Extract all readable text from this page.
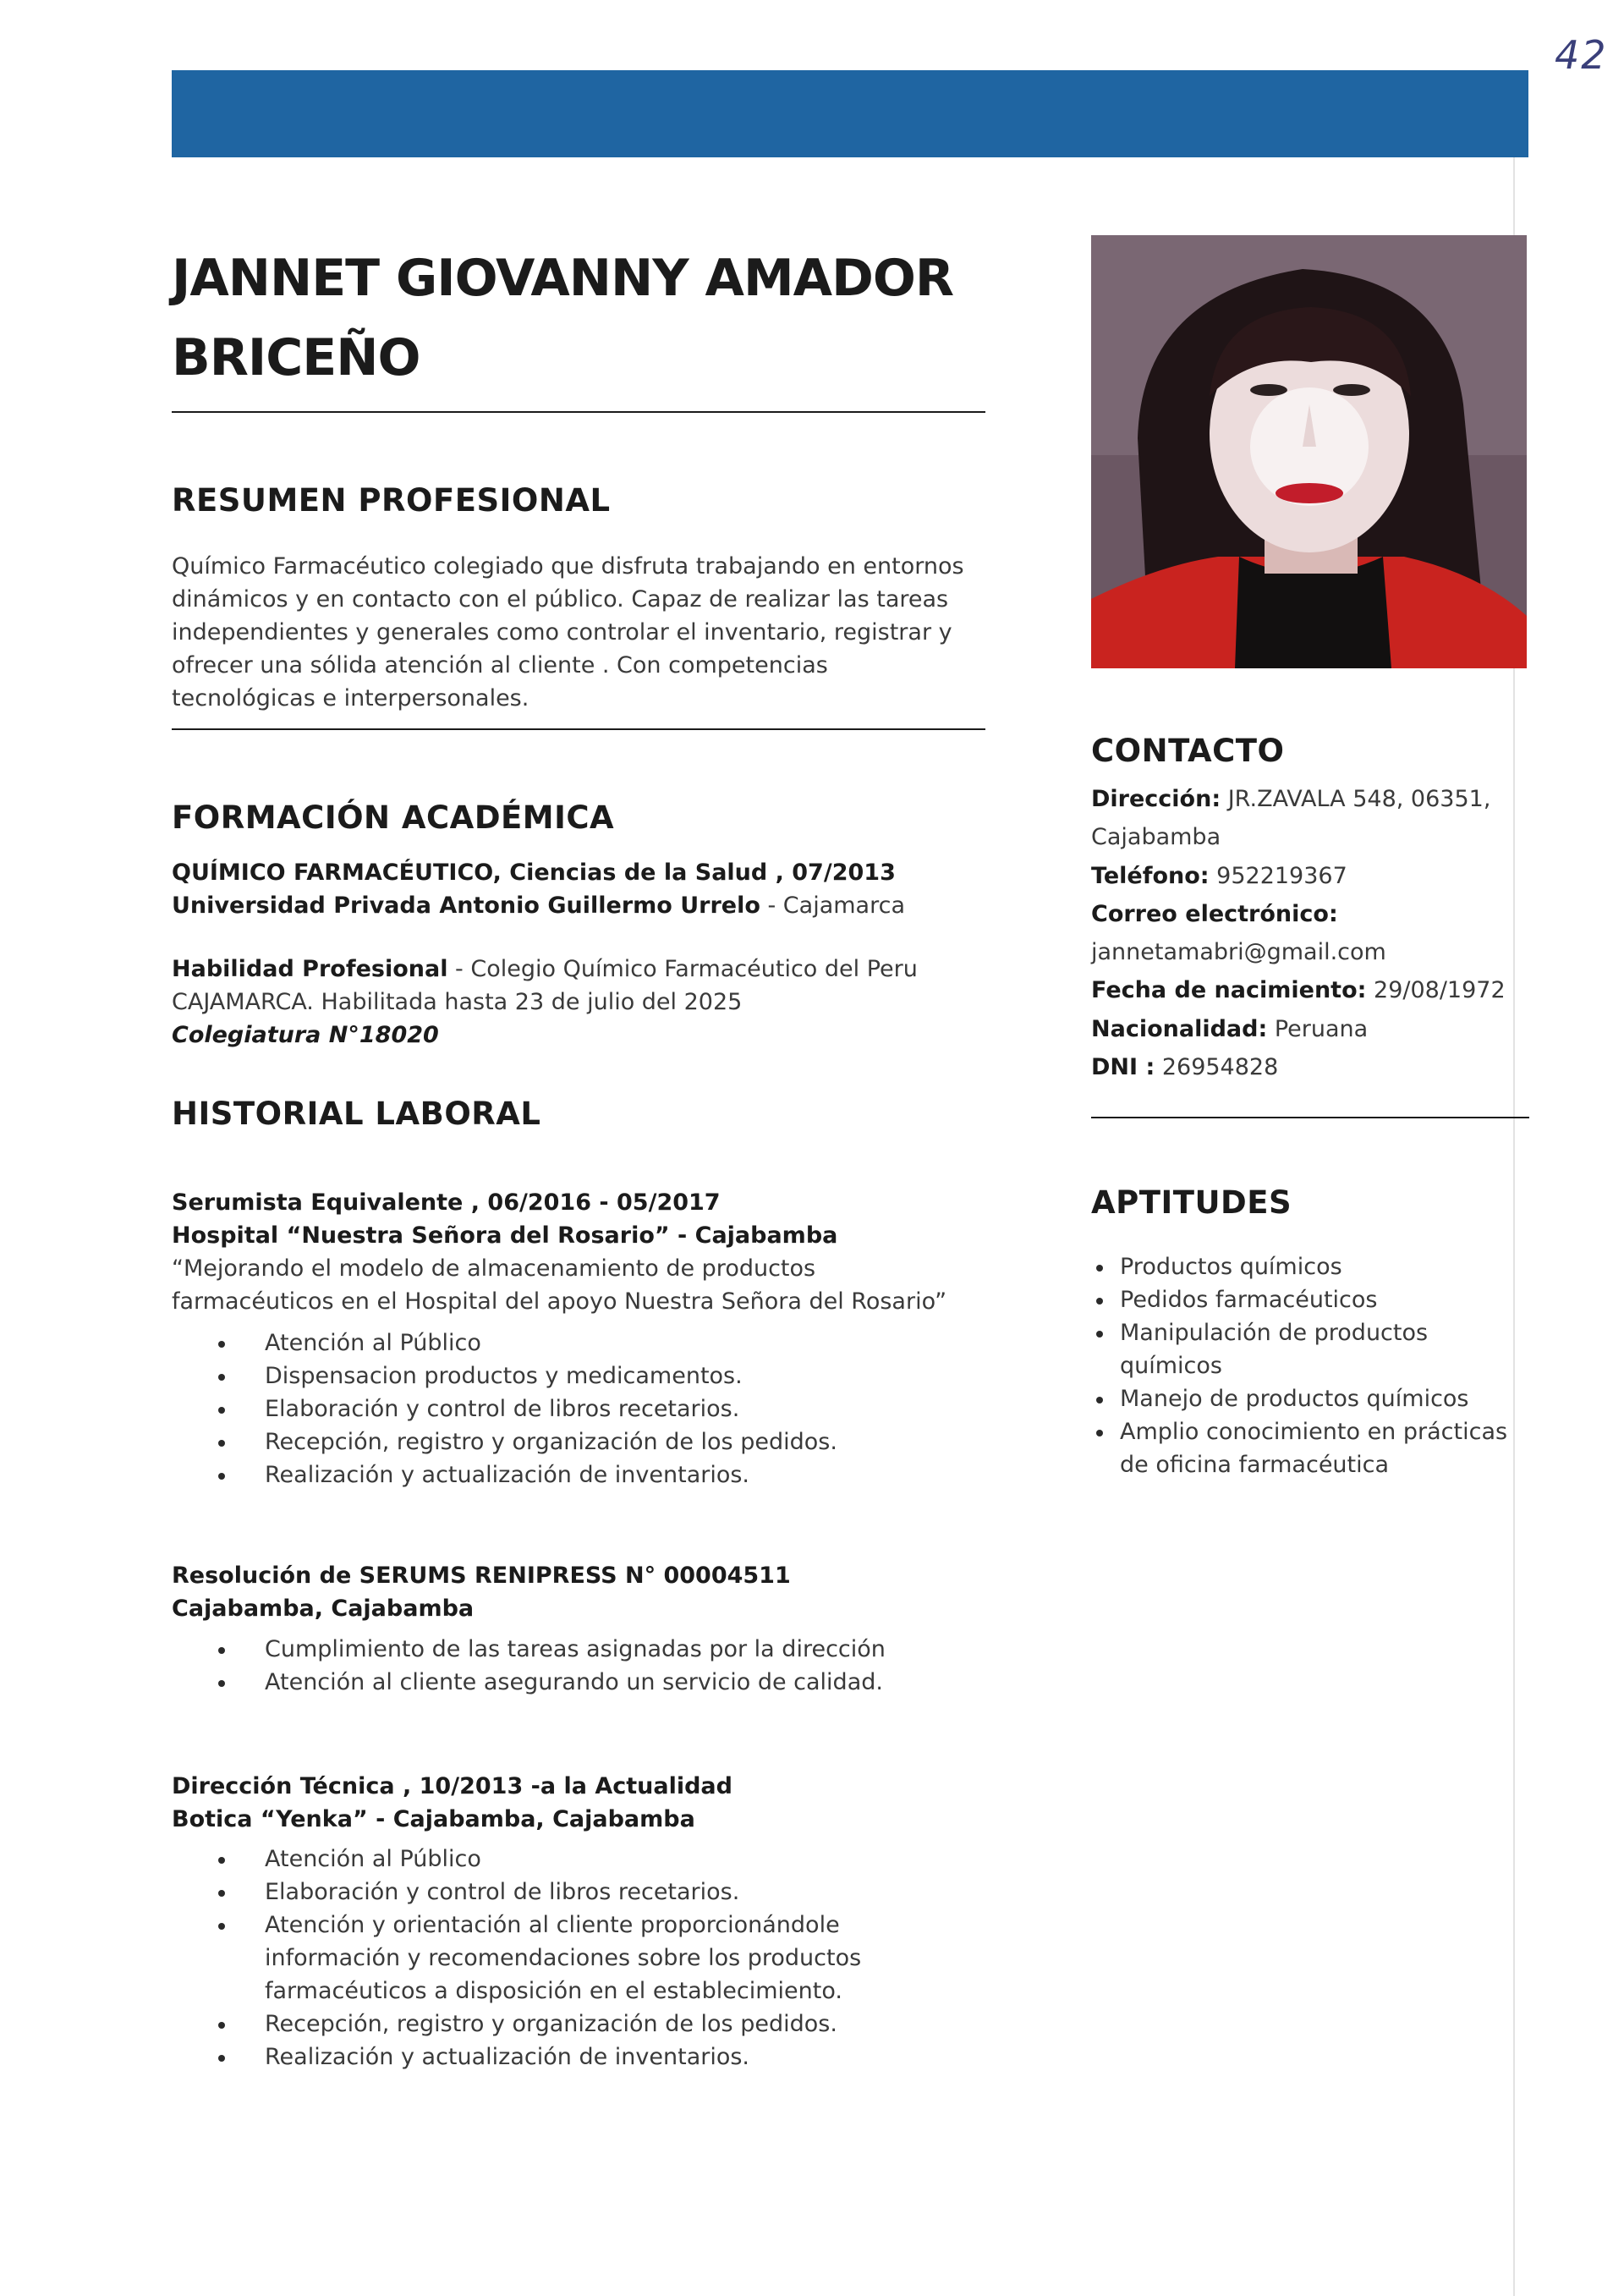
42
JANNET GIOVANNY AMADOR
BRICEÑO
RESUMEN PROFESIONAL
Químico Farmacéutico colegiado que disfruta trabajando en entornos
dinámicos y en contacto con el público. Capaz de realizar las tareas
independientes y generales como controlar el inventario, registrar y
ofrecer una sólida atención al cliente . Con competencias
tecnológicas e interpersonales.
FORMACIÓN ACADÉMICA
QUÍMICO FARMACÉUTICO, Ciencias de la Salud , 07/2013
Universidad Privada Antonio Guillermo Urrelo - Cajamarca
Habilidad Profesional - Colegio Químico Farmacéutico del Peru
CAJAMARCA. Habilitada hasta 23 de julio del 2025
Colegiatura N°18020
HISTORIAL LABORAL
Serumista Equivalente , 06/2016 - 05/2017
Hospital “Nuestra Señora del Rosario” - Cajabamba
“Mejorando el modelo de almacenamiento de productos
farmacéuticos en el Hospital del apoyo Nuestra Señora del Rosario”
Atención al Público
Dispensacion productos y medicamentos.
Elaboración y control de libros recetarios.
Recepción, registro y organización de los pedidos.
Realización y actualización de inventarios.
Resolución de SERUMS RENIPRESS N° 00004511
Cajabamba, Cajabamba
Cumplimiento de las tareas asignadas por la dirección
Atención al cliente asegurando un servicio de calidad.
Dirección Técnica , 10/2013 -a la Actualidad
Botica “Yenka” - Cajabamba, Cajabamba
Atención al Público
Elaboración y control de libros recetarios.
Atención y orientación al cliente proporcionándole
información y recomendaciones sobre los productos
farmacéuticos a disposición en el establecimiento.
Recepción, registro y organización de los pedidos.
Realización y actualización de inventarios.
CONTACTO
Dirección: JR.ZAVALA 548, 06351,
Cajabamba
Teléfono: 952219367
Correo electrónico:
jannetamabri@gmail.com
Fecha de nacimiento: 29/08/1972
Nacionalidad: Peruana
DNI : 26954828
APTITUDES
Productos químicos
Pedidos farmacéuticos
Manipulación de productos
químicos
Manejo de productos químicos
Amplio conocimiento en prácticas
de oficina farmacéutica
